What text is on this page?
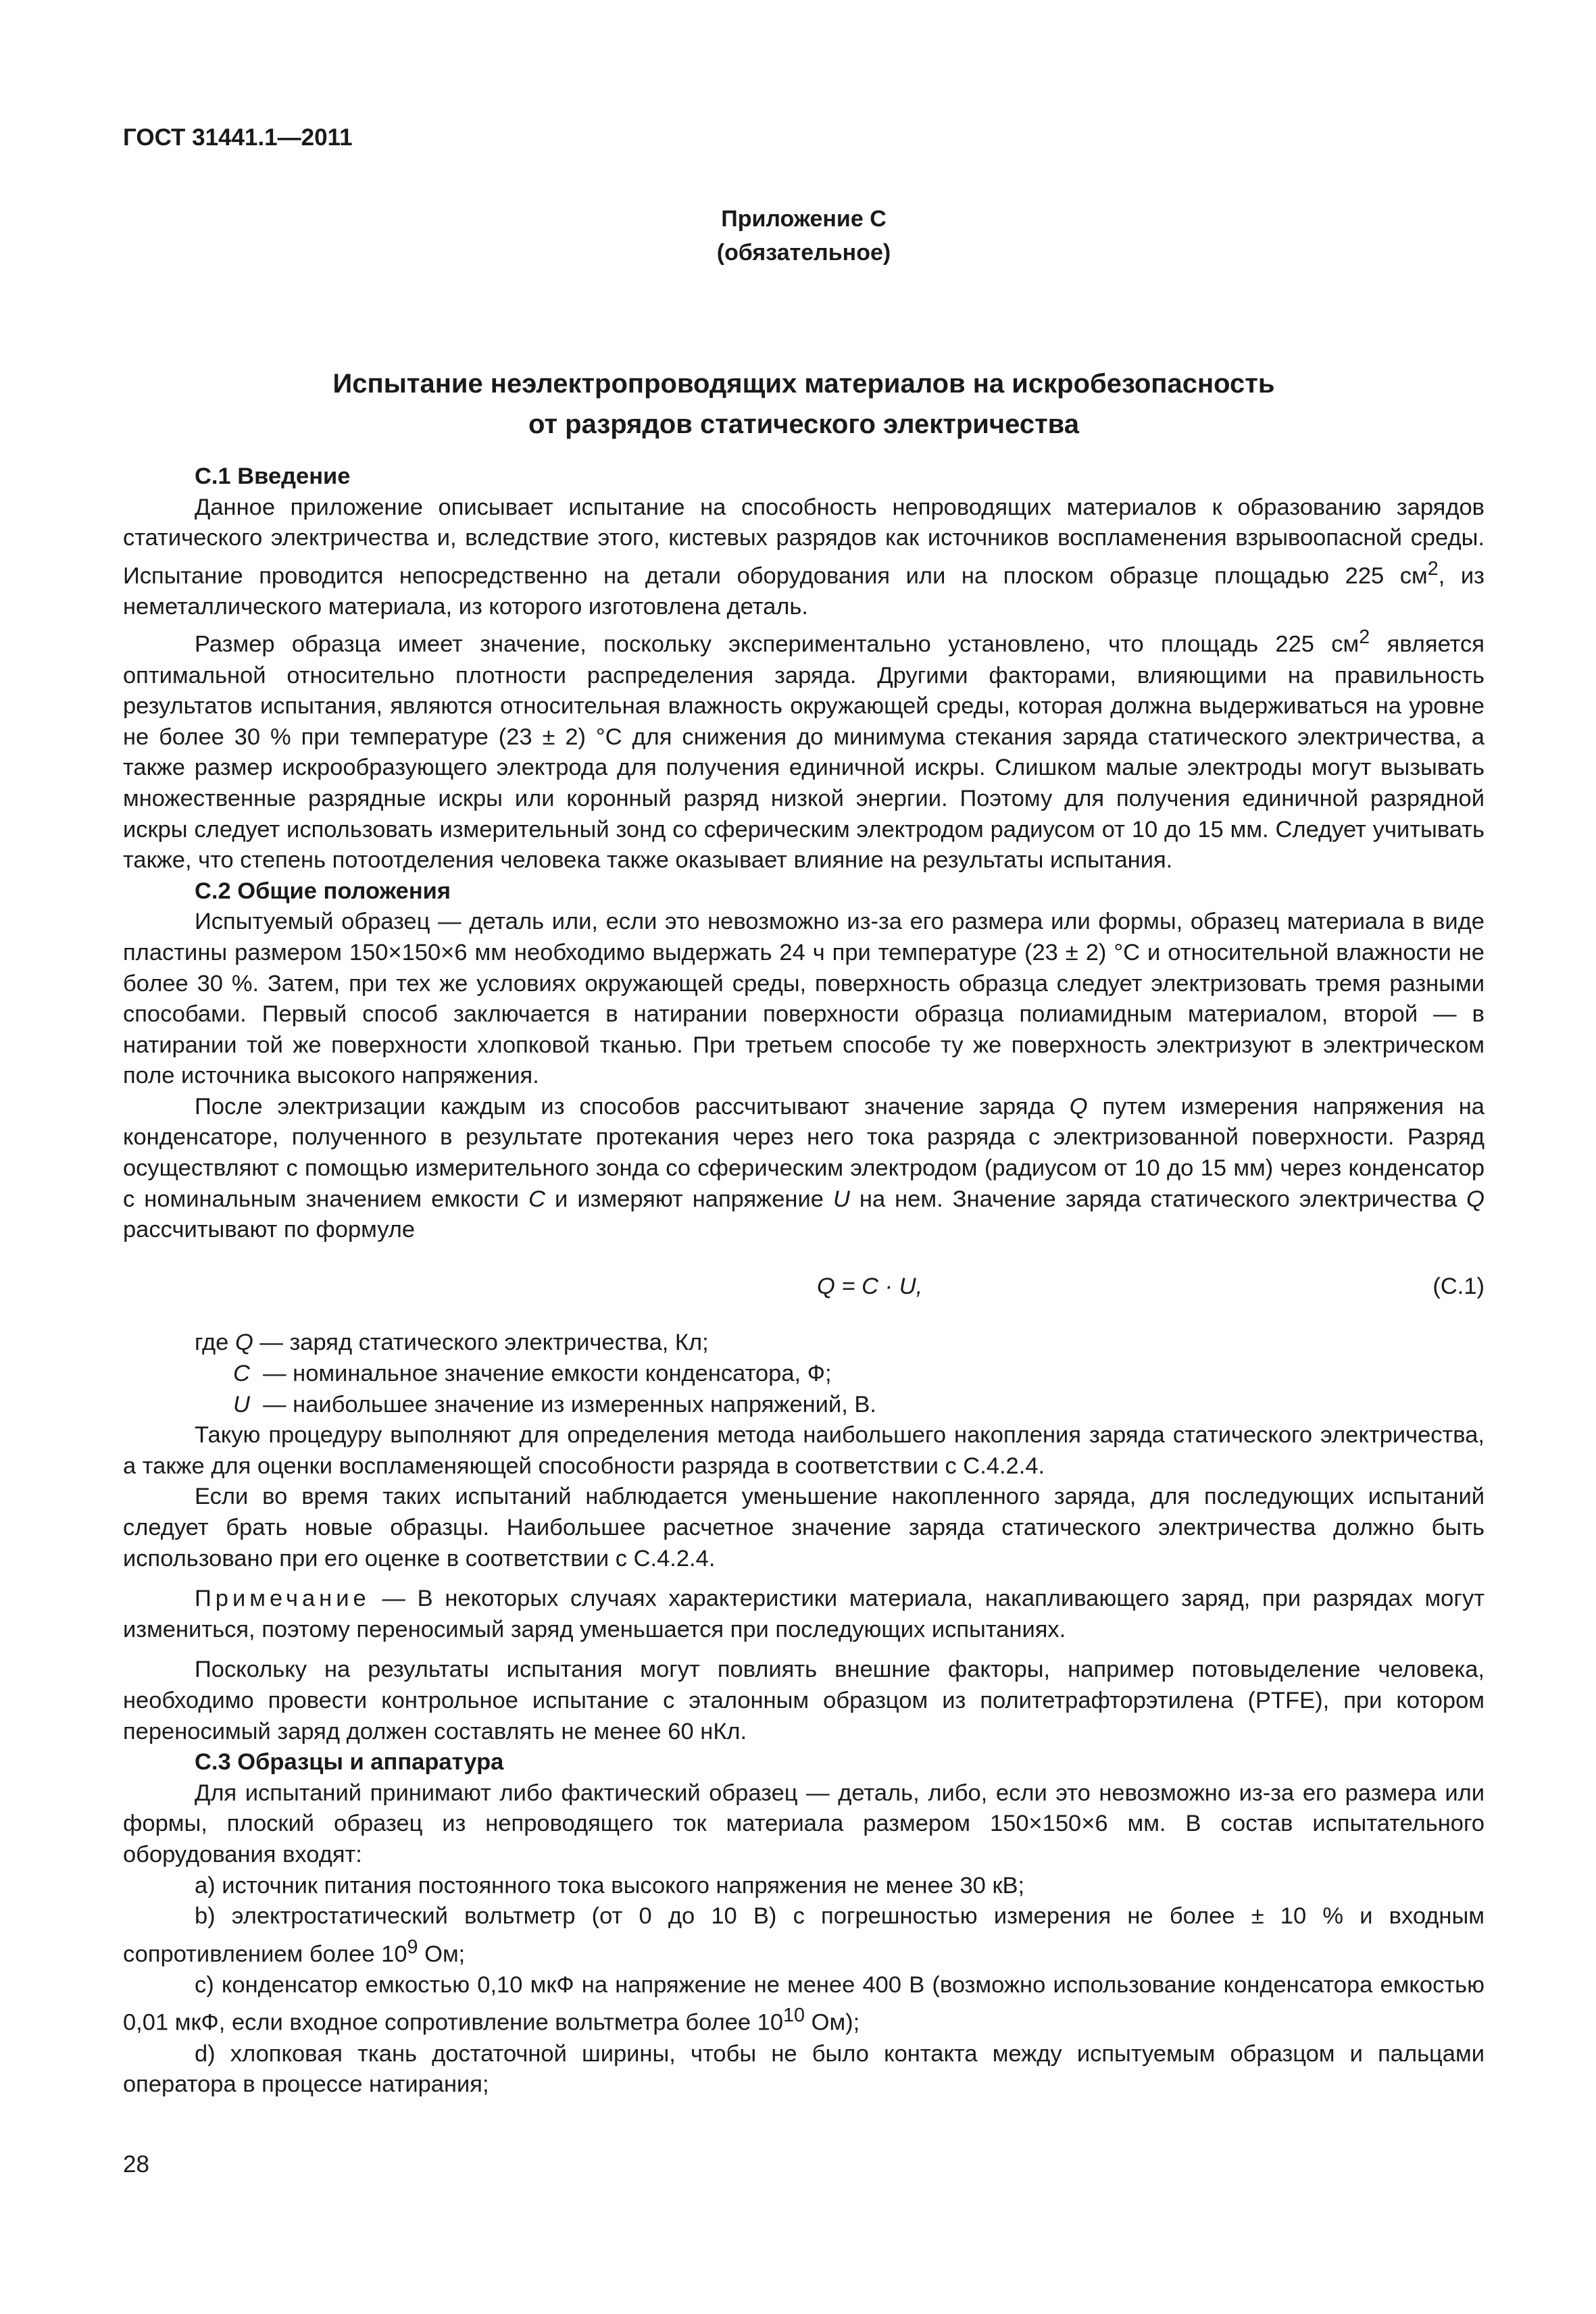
ГОСТ 31441.1—2011
Приложение С
(обязательное)
Испытание неэлектропроводящих материалов на искробезопасность
от разрядов статического электричества

С.1 Введение

Данное приложение описывает испытание на способность непроводящих материалов к образованию зарядов статического электричества и, вследствие этого, кистевых разрядов как источников воспламенения взрывоопасной среды. Испытание проводится непосредственно на детали оборудования или на плоском образце площадью 225 $см^2$, из неметаллического материала, из которого изготовлена деталь.

Размер образца имеет значение, поскольку экспериментально установлено, что площадь 225 $см^2$ является оптимальной относительно плотности распределения заряда. Другими факторами, влияющими на правильность результатов испытания, являются относительная влажность окружающей среды, которая должна выдерживаться на уровне не более 30 % при температуре (23 ± 2) °С для снижения до минимума стекания заряда статического электричества, а также размер искрообразующего электрода для получения единичной искры. Слишком малые электроды могут вызывать множественные разрядные искры или коронный разряд низкой энергии. Поэтому для получения единичной разрядной искры следует использовать измерительный зонд со сферическим электродом радиусом от 10 до 15 мм. Следует учитывать также, что степень потоотделения человека также оказывает влияние на результаты испытания.

С.2 Общие положения

Испытуемый образец — деталь или, если это невозможно из-за его размера или формы, образец материала в виде пластины размером 150×150×6 мм необходимо выдержать 24 ч при температуре (23 ± 2) °С и относительной влажности не более 30 %. Затем, при тех же условиях окружающей среды, поверхность образца следует электризовать тремя разными способами. Первый способ заключается в натирании поверхности образца полиамидным материалом, второй — в натирании той же поверхности хлопковой тканью. При третьем способе ту же поверхность электризуют в электрическом поле источника высокого напряжения.

После электризации каждым из способов рассчитывают значение заряда Q путем измерения напряжения на конденсаторе, полученного в результате протекания через него тока разряда с электризованной поверхности. Разряд осуществляют с помощью измерительного зонда со сферическим электродом (радиусом от 10 до 15 мм) через конденсатор с номинальным значением емкости C и измеряют напряжение U на нем. Значение заряда статического электричества Q рассчитывают по формуле

Q = C · U,	(С.1)
где Q — заряд статического электричества, Кл;
C — номинальное значение емкости конденсатора, Ф;
U — наибольшее значение из измеренных напряжений, В.

Такую процедуру выполняют для определения метода наибольшего накопления заряда статического электричества, а также для оценки воспламеняющей способности разряда в соответствии с С.4.2.4.

Если во время таких испытаний наблюдается уменьшение накопленного заряда, для последующих испытаний следует брать новые образцы. Наибольшее расчетное значение заряда статического электричества должно быть использовано при его оценке в соответствии с С.4.2.4.

Примечание — В некоторых случаях характеристики материала, накапливающего заряд, при разрядах могут измениться, поэтому переносимый заряд уменьшается при последующих испытаниях.

Поскольку на результаты испытания могут повлиять внешние факторы, например потовыделение человека, необходимо провести контрольное испытание с эталонным образцом из политетрафторэтилена (PTFE), при котором переносимый заряд должен составлять не менее 60 нКл.

С.3 Образцы и аппаратура

Для испытаний принимают либо фактический образец — деталь, либо, если это невозможно из-за его размера или формы, плоский образец из непроводящего ток материала размером 150×150×6 мм. В состав испытательного оборудования входят:

а) источник питания постоянного тока высокого напряжения не менее 30 кВ;

b) электростатический вольтметр (от 0 до 10 В) с погрешностью измерения не более ± 10 % и входным сопротивлением более $10^9$ Ом;

с) конденсатор емкостью 0,10 мкФ на напряжение не менее 400 В (возможно использование конденсатора емкостью 0,01 мкФ, если входное сопротивление вольтметра более $10^{10}$ Ом);

d) хлопковая ткань достаточной ширины, чтобы не было контакта между испытуемым образцом и пальцами оператора в процессе натирания;

28
